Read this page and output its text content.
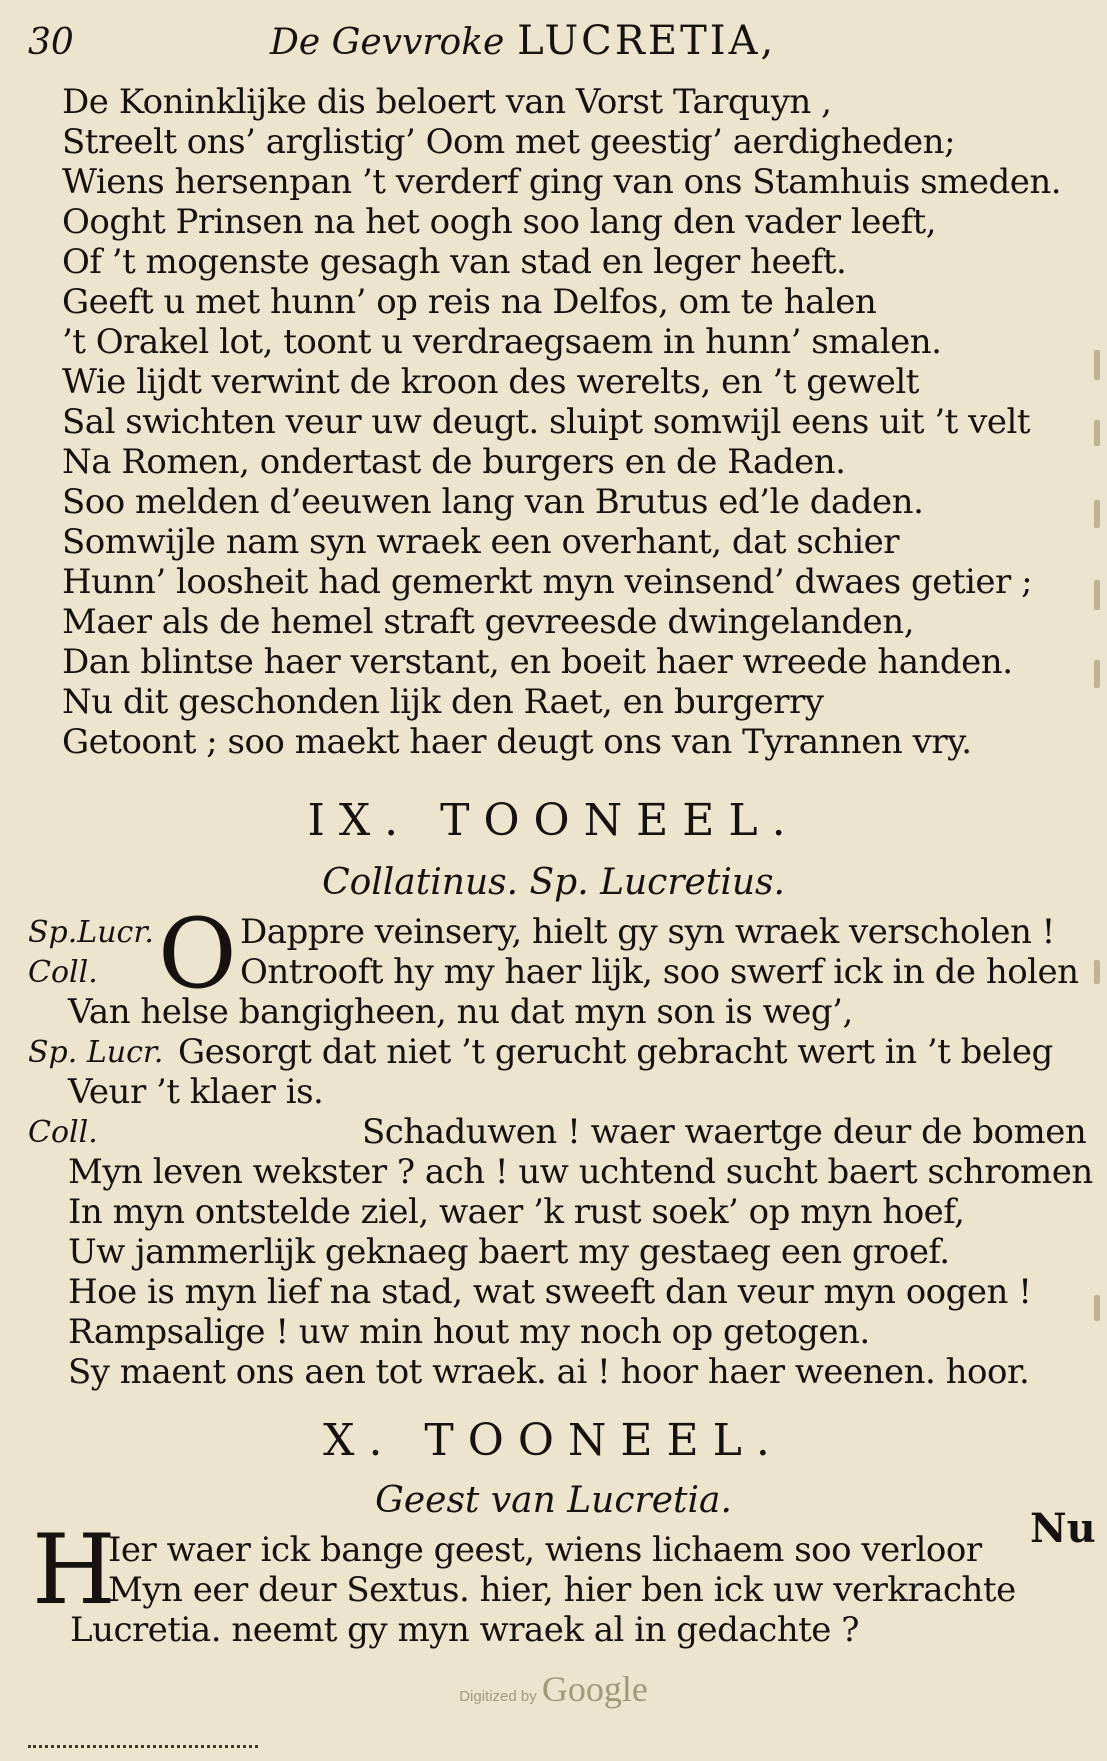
30	De Gevvroke LUCRETIA,
De Koninklijke dis beloert van Vorst Tarquyn ,
Streelt ons’ arglistig’ Oom met geestig’ aerdigheden;
Wiens hersenpan ’t verderf ging van ons Stamhuis smeden.
Ooght Prinsen na het oogh soo lang den vader leeft,
Of ’t mogenste gesagh van stad en leger heeft.
Geeft u met hunn’ op reis na Delfos, om te halen
’t Orakel lot, toont u verdraegsaem in hunn’ smalen.
Wie lijdt verwint de kroon des werelts, en ’t gewelt
Sal swichten veur uw deugt. sluipt somwijl eens uit ’t velt
Na Romen, ondertast de burgers en de Raden.
Soo melden d’eeuwen lang van Brutus ed’le daden.
Somwijle nam syn wraek een overhant, dat schier
Hunn’ loosheit had gemerkt myn veinsend’ dwaes getier ;
Maer als de hemel straft gevreesde dwingelanden,
Dan blintse haer verstant, en boeit haer wreede handen.
Nu dit geschonden lijk den Raet, en burgerry
Getoont ; soo maekt haer deugt ons van Tyrannen vry.
IX. TOONEEL.
Collatinus. Sp. Lucretius.
Sp.Lucr.
Coll. O Dappre veinsery, hielt gy syn wraek verscholen !
Ontrooft hy my haer lijk, soo swerf ick in de holen
Van helse bangigheen, nu dat myn son is weg’,
Sp. Lucr. Gesorgt dat niet ’t gerucht gebracht wert in ’t beleg
Veur ’t klaer is.
Coll.	Schaduwen ! waer waertge deur de bomen
Myn leven wekster ? ach ! uw uchtend sucht baert schromen
In myn ontstelde ziel, waer ’k rust soek’ op myn hoef,
Uw jammerlijk geknaeg baert my gestaeg een groef.
Hoe is myn lief na stad, wat sweeft dan veur myn oogen !
Rampsalige ! uw min hout my noch op getogen.
Sy maent ons aen tot wraek. ai ! hoor haer weenen. hoor.
X. TOONEEL.
Geest van Lucretia.
H
Ier waer ick bange geest, wiens lichaem soo verloor
Myn eer deur Sextus. hier, hier ben ick uw verkrachte
Lucretia. neemt gy myn wraek al in gedachte ?
Nu
Digitized by Google
